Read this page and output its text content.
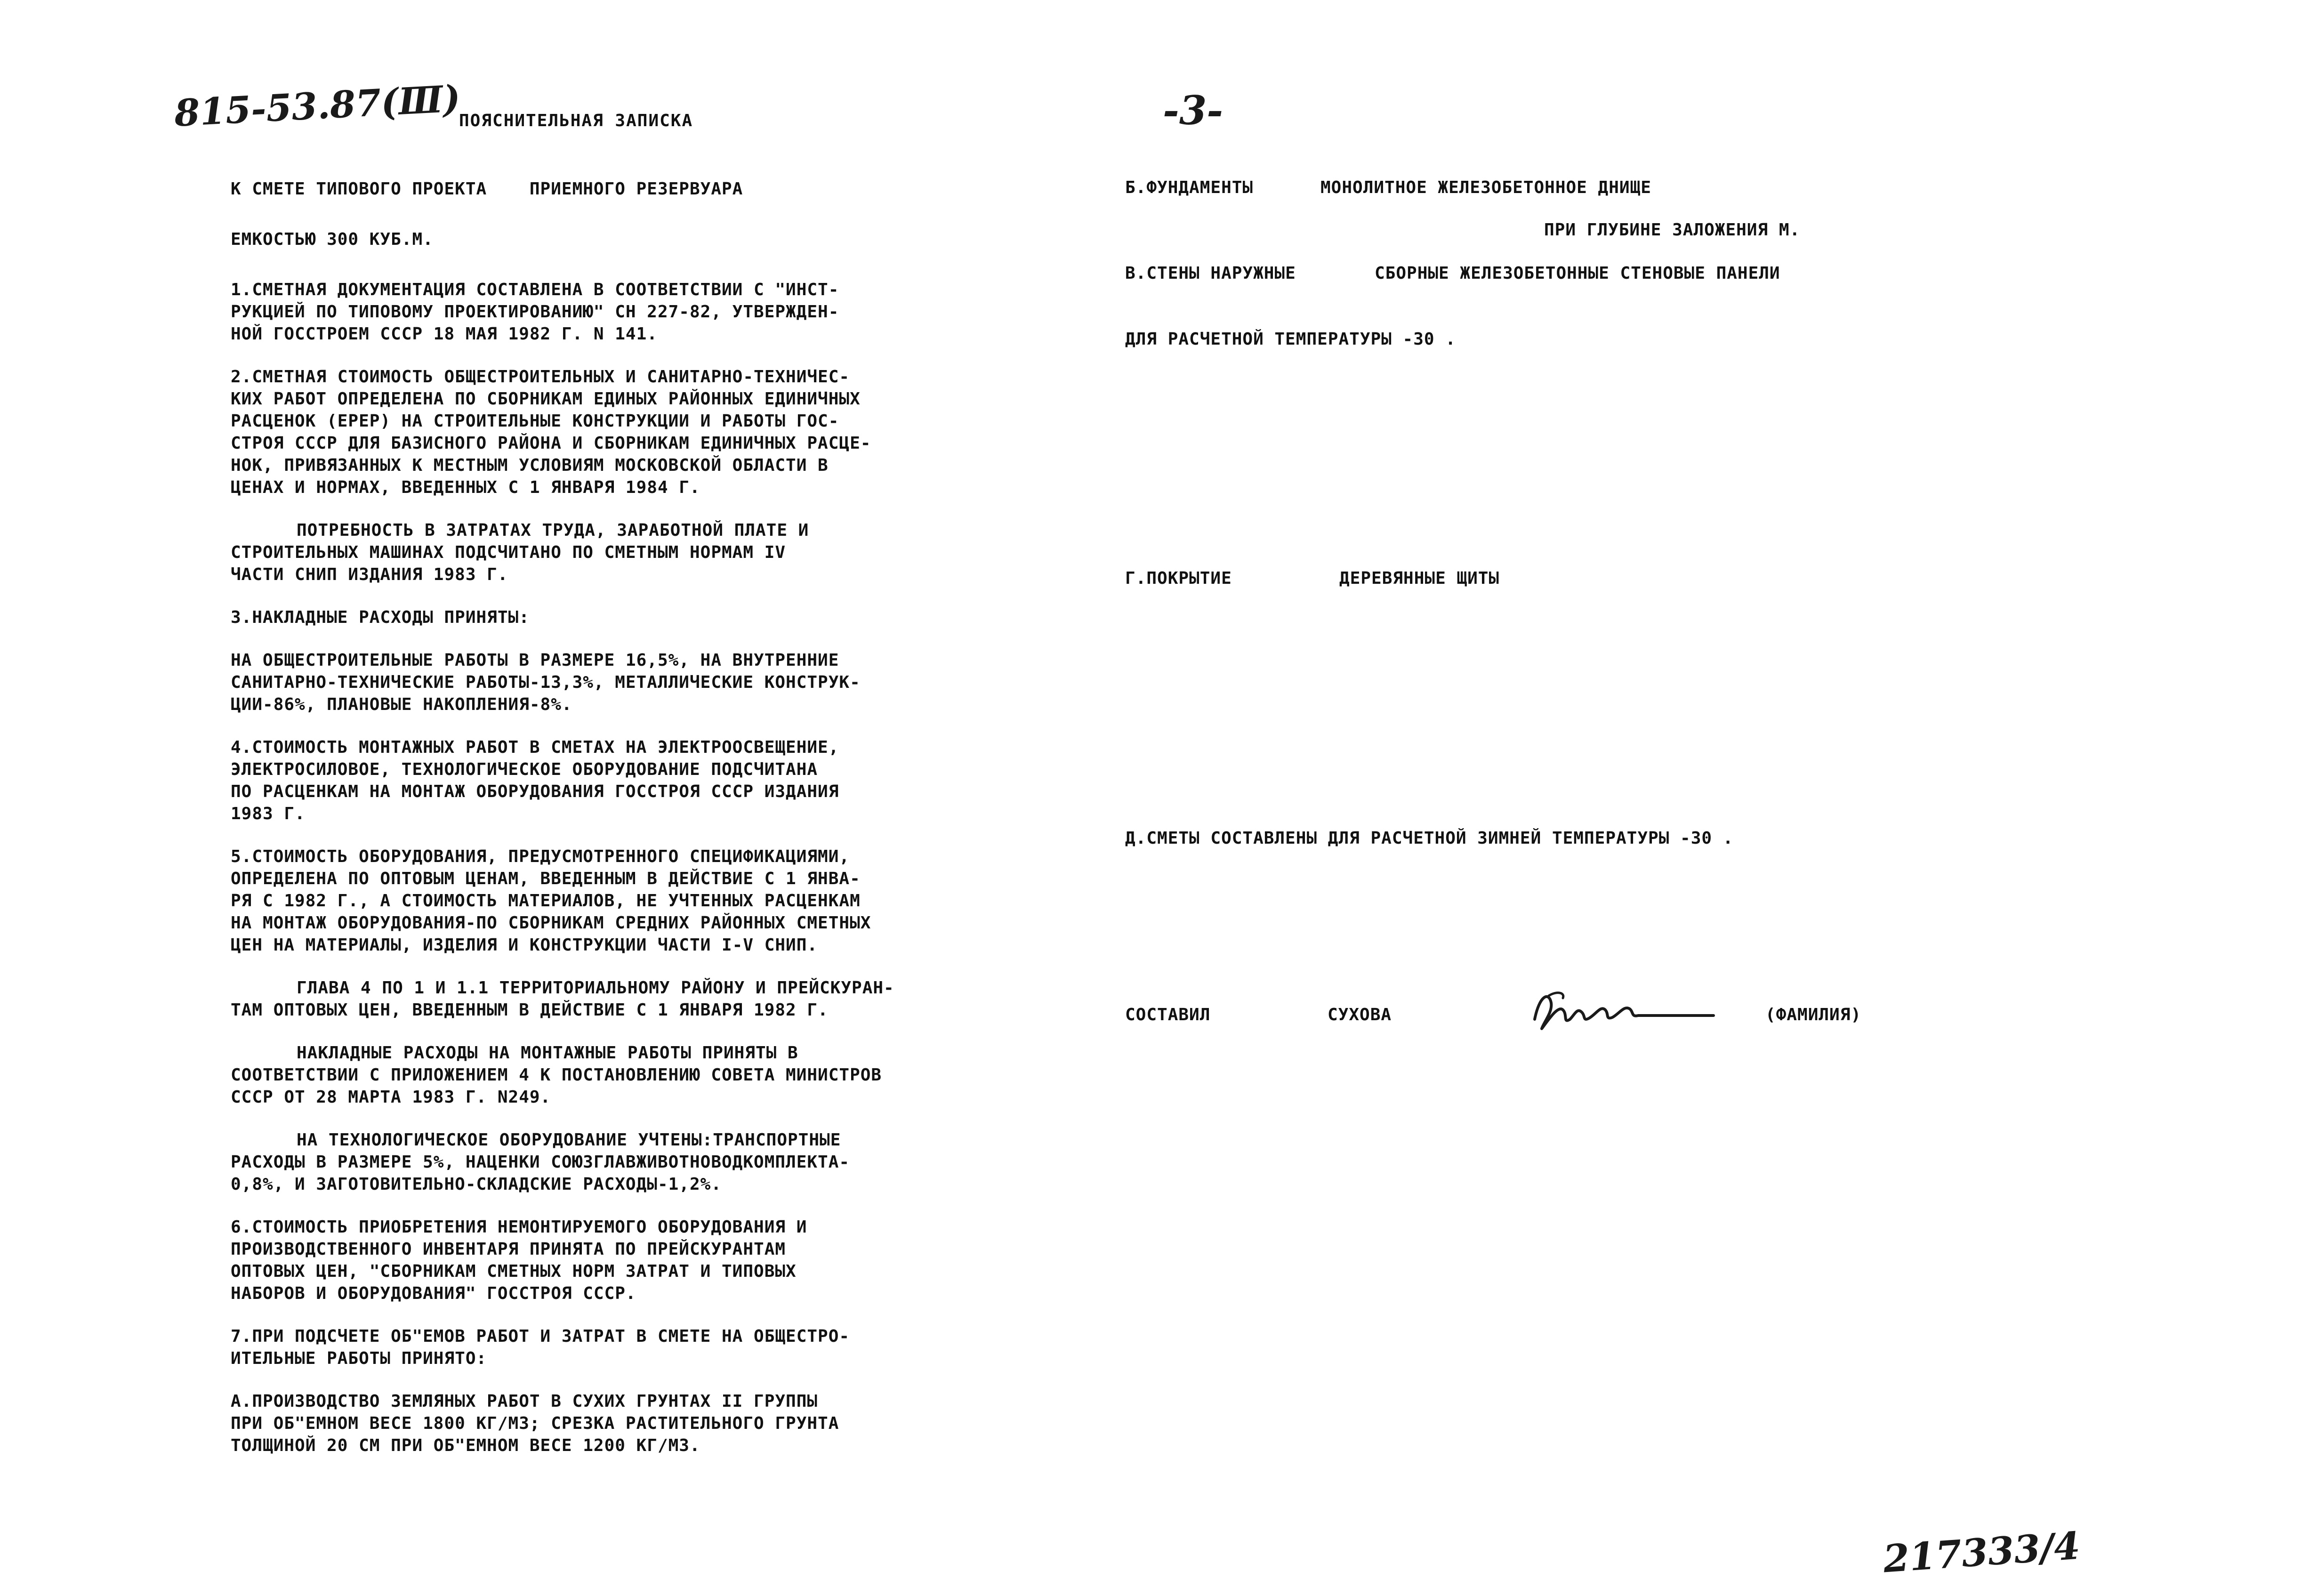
815-53.87(Ⅲ)	-3-
ПОЯСНИТЕЛЬНАЯ ЗАПИСКА
К СМЕТЕ ТИПОВОГО ПРОЕКТА    ПРИЕМНОГО РЕЗЕРВУАРА
ЕМКОСТЬЮ 300 КУБ.М.
1.СМЕТНАЯ ДОКУМЕНТАЦИЯ СОСТАВЛЕНА В СООТВЕТСТВИИ С "ИНСТ-
РУКЦИЕЙ ПО ТИПОВОМУ ПРОЕКТИРОВАНИЮ" СН 227-82, УТВЕРЖДЕН-
НОЙ ГОССТРОЕМ СССР 18 МАЯ 1982 Г. N 141.
2.СМЕТНАЯ СТОИМОСТЬ ОБЩЕСТРОИТЕЛЬНЫХ И САНИТАРНО-ТЕХНИЧЕС-
КИХ РАБОТ ОПРЕДЕЛЕНА ПО СБОРНИКАМ ЕДИНЫХ РАЙОННЫХ ЕДИНИЧНЫХ
РАСЦЕНОК (ЕРЕР) НА СТРОИТЕЛЬНЫЕ КОНСТРУКЦИИ И РАБОТЫ ГОС-
СТРОЯ СССР ДЛЯ БАЗИСНОГО РАЙОНА И СБОРНИКАМ ЕДИНИЧНЫХ РАСЦЕ-
НОК, ПРИВЯЗАННЫХ К МЕСТНЫМ УСЛОВИЯМ МОСКОВСКОЙ ОБЛАСТИ В
ЦЕНАХ И НОРМАХ, ВВЕДЕННЫХ С 1 ЯНВАРЯ 1984 Г.
ПОТРЕБНОСТЬ В ЗАТРАТАХ ТРУДА, ЗАРАБОТНОЙ ПЛАТЕ И
СТРОИТЕЛЬНЫХ МАШИНАХ ПОДСЧИТАНО ПО СМЕТНЫМ НОРМАМ IV
ЧАСТИ СНИП ИЗДАНИЯ 1983 Г.
3.НАКЛАДНЫЕ РАСХОДЫ ПРИНЯТЫ:
НА ОБЩЕСТРОИТЕЛЬНЫЕ РАБОТЫ В РАЗМЕРЕ 16,5%, НА ВНУТРЕННИЕ
САНИТАРНО-ТЕХНИЧЕСКИЕ РАБОТЫ-13,3%, МЕТАЛЛИЧЕСКИЕ КОНСТРУК-
ЦИИ-86%, ПЛАНОВЫЕ НАКОПЛЕНИЯ-8%.
4.СТОИМОСТЬ МОНТАЖНЫХ РАБОТ В СМЕТАХ НА ЭЛЕКТРООСВЕЩЕНИЕ,
ЭЛЕКТРОСИЛОВОЕ, ТЕХНОЛОГИЧЕСКОЕ ОБОРУДОВАНИЕ ПОДСЧИТАНА
ПО РАСЦЕНКАМ НА МОНТАЖ ОБОРУДОВАНИЯ ГОССТРОЯ СССР ИЗДАНИЯ
1983 Г.
5.СТОИМОСТЬ ОБОРУДОВАНИЯ, ПРЕДУСМОТРЕННОГО СПЕЦИФИКАЦИЯМИ,
ОПРЕДЕЛЕНА ПО ОПТОВЫМ ЦЕНАМ, ВВЕДЕННЫМ В ДЕЙСТВИЕ С 1 ЯНВА-
РЯ С 1982 Г., А СТОИМОСТЬ МАТЕРИАЛОВ, НЕ УЧТЕННЫХ РАСЦЕНКАМ
НА МОНТАЖ ОБОРУДОВАНИЯ-ПО СБОРНИКАМ СРЕДНИХ РАЙОННЫХ СМЕТНЫХ
ЦЕН НА МАТЕРИАЛЫ, ИЗДЕЛИЯ И КОНСТРУКЦИИ ЧАСТИ I-V СНИП.
ГЛАВА 4 ПО 1 И 1.1 ТЕРРИТОРИАЛЬНОМУ РАЙОНУ И ПРЕЙСКУРАН-
ТАМ ОПТОВЫХ ЦЕН, ВВЕДЕННЫМ В ДЕЙСТВИЕ С 1 ЯНВАРЯ 1982 Г.
НАКЛАДНЫЕ РАСХОДЫ НА МОНТАЖНЫЕ РАБОТЫ ПРИНЯТЫ В
СООТВЕТСТВИИ С ПРИЛОЖЕНИЕМ 4 К ПОСТАНОВЛЕНИЮ СОВЕТА МИНИСТРОВ
СССР ОТ 28 МАРТА 1983 Г. N249.
НА ТЕХНОЛОГИЧЕСКОЕ ОБОРУДОВАНИЕ УЧТЕНЫ:ТРАНСПОРТНЫЕ
РАСХОДЫ В РАЗМЕРЕ 5%, НАЦЕНКИ СОЮЗГЛАВЖИВОТНОВОДКОМПЛЕКТА-
0,8%, И ЗАГОТОВИТЕЛЬНО-СКЛАДСКИЕ РАСХОДЫ-1,2%.
6.СТОИМОСТЬ ПРИОБРЕТЕНИЯ НЕМОНТИРУЕМОГО ОБОРУДОВАНИЯ И
ПРОИЗВОДСТВЕННОГО ИНВЕНТАРЯ ПРИНЯТА ПО ПРЕЙСКУРАНТАМ
ОПТОВЫХ ЦЕН, "СБОРНИКАМ СМЕТНЫХ НОРМ ЗАТРАТ И ТИПОВЫХ
НАБОРОВ И ОБОРУДОВАНИЯ" ГОССТРОЯ СССР.
7.ПРИ ПОДСЧЕТЕ ОБ"ЕМОВ РАБОТ И ЗАТРАТ В СМЕТЕ НА ОБЩЕСТРО-
ИТЕЛЬНЫЕ РАБОТЫ ПРИНЯТО:
А.ПРОИЗВОДСТВО ЗЕМЛЯНЫХ РАБОТ В СУХИХ ГРУНТАХ II ГРУППЫ
ПРИ ОБ"ЕМНОМ ВЕСЕ 1800 КГ/М3; СРЕЗКА РАСТИТЕЛЬНОГО ГРУНТА
ТОЛЩИНОЙ 20 СМ ПРИ ОБ"ЕМНОМ ВЕСЕ 1200 КГ/М3.
Б.ФУНДАМЕНТЫ	МОНОЛИТНОЕ ЖЕЛЕЗОБЕТОННОЕ ДНИЩЕ
ПРИ ГЛУБИНЕ ЗАЛОЖЕНИЯ М.
В.СТЕНЫ НАРУЖНЫЕ	СБОРНЫЕ ЖЕЛЕЗОБЕТОННЫЕ СТЕНОВЫЕ ПАНЕЛИ
ДЛЯ РАСЧЕТНОЙ ТЕМПЕРАТУРЫ -30 .
Г.ПОКРЫТИЕ	ДЕРЕВЯННЫЕ ЩИТЫ
Д.СМЕТЫ СОСТАВЛЕНЫ ДЛЯ РАСЧЕТНОЙ ЗИМНЕЙ ТЕМПЕРАТУРЫ -30 .
СОСТАВИЛ	СУХОВА	(ФАМИЛИЯ)
217333/4
